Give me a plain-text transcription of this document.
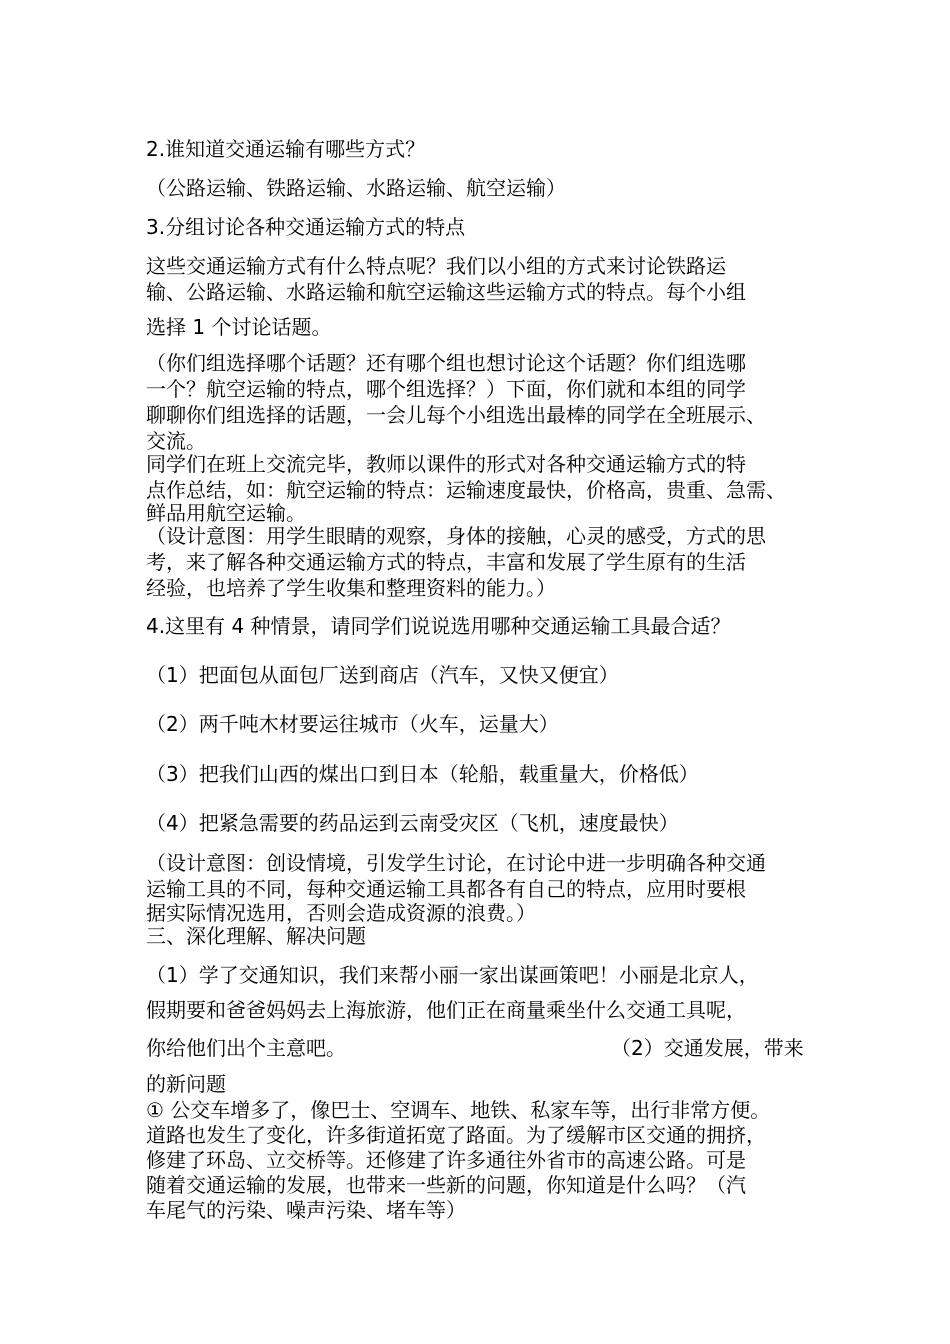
2.谁知道交通运输有哪些方式？

（公路运输、铁路运输、水路运输、航空运输）

3.分组讨论各种交通运输方式的特点

这些交通运输方式有什么特点呢？我们以小组的方式来讨论铁路运

输、公路运输、水路运输和航空运输这些运输方式的特点。每个小组

选择 1 个讨论话题。

（你们组选择哪个话题？还有哪个组也想讨论这个话题？你们组选哪

一个？航空运输的特点，哪个组选择？）下面，你们就和本组的同学

聊聊你们组选择的话题，一会儿每个小组选出最棒的同学在全班展示、

交流。

同学们在班上交流完毕，教师以课件的形式对各种交通运输方式的特

点作总结，如：航空运输的特点：运输速度最快，价格高，贵重、急需、

鲜品用航空运输。

（设计意图：用学生眼睛的观察，身体的接触，心灵的感受，方式的思

考，来了解各种交通运输方式的特点，丰富和发展了学生原有的生活

经验，也培养了学生收集和整理资料的能力。）

4.这里有 4 种情景，请同学们说说选用哪种交通运输工具最合适？

（1）把面包从面包厂送到商店（汽车，又快又便宜）

（2）两千吨木材要运往城市（火车，运量大）

（3）把我们山西的煤出口到日本（轮船，载重量大，价格低）

（4）把紧急需要的药品运到云南受灾区（飞机，速度最快）

（设计意图：创设情境，引发学生讨论，在讨论中进一步明确各种交通

运输工具的不同，每种交通运输工具都各有自己的特点，应用时要根

据实际情况选用，否则会造成资源的浪费。）

三、深化理解、解决问题

（1）学了交通知识，我们来帮小丽一家出谋画策吧！小丽是北京人，

假期要和爸爸妈妈去上海旅游，他们正在商量乘坐什么交通工具呢，

你给他们出个主意吧。	（2）交通发展，带来

的新问题

① 公交车增多了，像巴士、空调车、地铁、私家车等，出行非常方便。

道路也发生了变化，许多街道拓宽了路面。为了缓解市区交通的拥挤，

修建了环岛、立交桥等。还修建了许多通往外省市的高速公路。可是

随着交通运输的发展，也带来一些新的问题，你知道是什么吗？（汽

车尾气的污染、噪声污染、堵车等）
